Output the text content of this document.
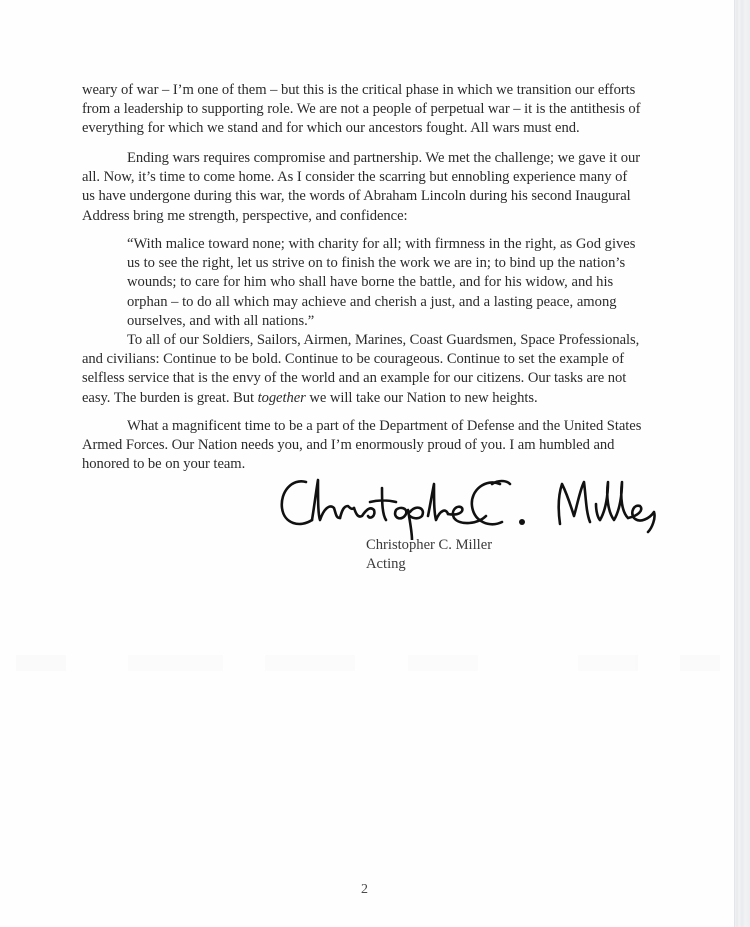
weary of war – I’m one of them – but this is the critical phase in which we transition our efforts
from a leadership to supporting role. We are not a people of perpetual war – it is the antithesis of
everything for which we stand and for which our ancestors fought. All wars must end.
Ending wars requires compromise and partnership. We met the challenge; we gave it our
all. Now, it’s time to come home. As I consider the scarring but ennobling experience many of
us have undergone during this war, the words of Abraham Lincoln during his second Inaugural
Address bring me strength, perspective, and confidence:
“With malice toward none; with charity for all; with firmness in the right, as God gives
us to see the right, let us strive on to finish the work we are in; to bind up the nation’s
wounds; to care for him who shall have borne the battle, and for his widow, and his
orphan – to do all which may achieve and cherish a just, and a lasting peace, among
ourselves, and with all nations.”
To all of our Soldiers, Sailors, Airmen, Marines, Coast Guardsmen, Space Professionals,
and civilians: Continue to be bold. Continue to be courageous. Continue to set the example of
selfless service that is the envy of the world and an example for our citizens. Our tasks are not
easy. The burden is great. But together we will take our Nation to new heights.
What a magnificent time to be a part of the Department of Defense and the United States
Armed Forces. Our Nation needs you, and I’m enormously proud of you. I am humbled and
honored to be on your team.
Christopher C. Miller
Acting
2
